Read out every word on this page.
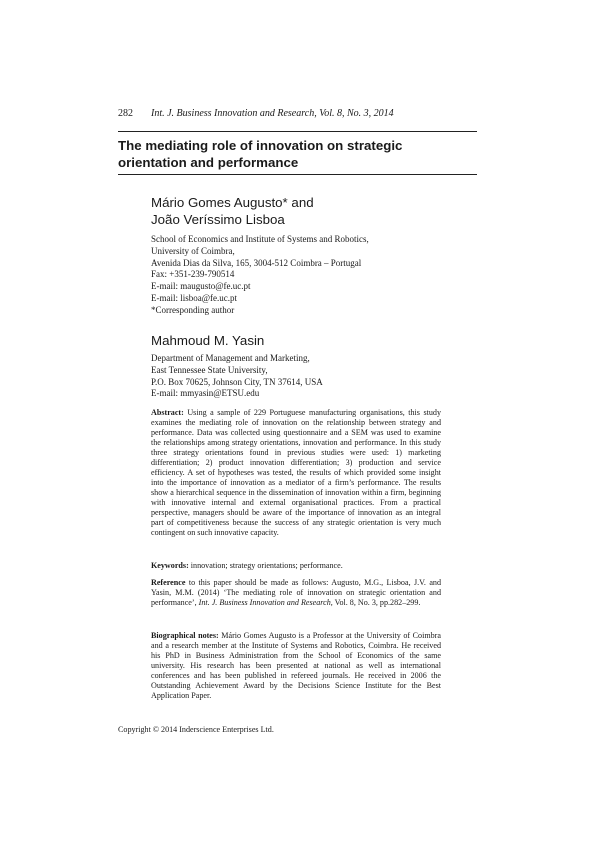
282 Int. J. Business Innovation and Research, Vol. 8, No. 3, 2014
The mediating role of innovation on strategic orientation and performance
Mário Gomes Augusto* and
João Veríssimo Lisboa
School of Economics and Institute of Systems and Robotics,
University of Coimbra,
Avenida Dias da Silva, 165, 3004-512 Coimbra – Portugal
Fax: +351-239-790514
E-mail: maugusto@fe.uc.pt
E-mail: lisboa@fe.uc.pt
*Corresponding author
Mahmoud M. Yasin
Department of Management and Marketing,
East Tennessee State University,
P.O. Box 70625, Johnson City, TN 37614, USA
E-mail: mmyasin@ETSU.edu
Abstract: Using a sample of 229 Portuguese manufacturing organisations, this study examines the mediating role of innovation on the relationship between strategy and performance. Data was collected using questionnaire and a SEM was used to examine the relationships among strategy orientations, innovation and performance. In this study three strategy orientations found in previous studies were used: 1) marketing differentiation; 2) product innovation differentiation; 3) production and service efficiency. A set of hypotheses was tested, the results of which provided some insight into the importance of innovation as a mediator of a firm’s performance. The results show a hierarchical sequence in the dissemination of innovation within a firm, beginning with innovative internal and external organisational practices. From a practical perspective, managers should be aware of the importance of innovation as an integral part of competitiveness because the success of any strategic orientation is very much contingent on such innovative capacity.
Keywords: innovation; strategy orientations; performance.
Reference to this paper should be made as follows: Augusto, M.G., Lisboa, J.V. and Yasin, M.M. (2014) ‘The mediating role of innovation on strategic orientation and performance’, Int. J. Business Innovation and Research, Vol. 8, No. 3, pp.282–299.
Biographical notes: Mário Gomes Augusto is a Professor at the University of Coimbra and a research member at the Institute of Systems and Robotics, Coimbra. He received his PhD in Business Administration from the School of Economics of the same university. His research has been presented at national as well as international conferences and has been published in refereed journals. He received in 2006 the Outstanding Achievement Award by the Decisions Science Institute for the Best Application Paper.
Copyright © 2014 Inderscience Enterprises Ltd.
